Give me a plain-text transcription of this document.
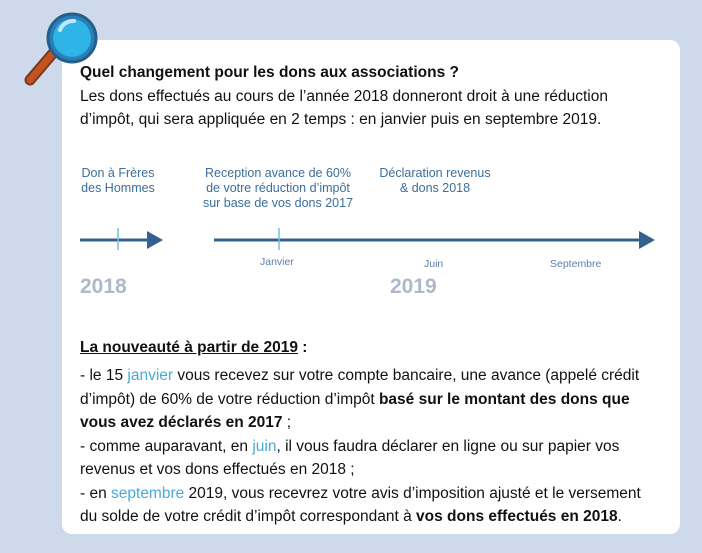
Quel changement pour les dons aux associations ?
Les dons effectués au cours de l’année 2018 donneront droit à une réduction d’impôt, qui sera appliquée en 2 temps : en janvier puis en septembre 2019.
Don à Frères
des Hommes
Reception avance de 60%
de votre réduction d’impôt
sur base de vos dons 2017
Déclaration revenus
& dons 2018
Janvier	Juin	Septembre
2018	2019
La nouveauté à partir de 2019 :

- le 15 janvier vous recevez sur votre compte bancaire, une avance (appelé crédit d’impôt) de 60% de votre réduction d’impôt basé sur le montant des dons que vous avez déclarés en 2017 ;

- comme auparavant, en juin, il vous faudra déclarer en ligne ou sur papier vos revenus et vos dons effectués en 2018 ;

- en septembre 2019, vous recevrez votre avis d’imposition ajusté et le versement du solde de votre crédit d’impôt correspondant à vos dons effectués en 2018.
